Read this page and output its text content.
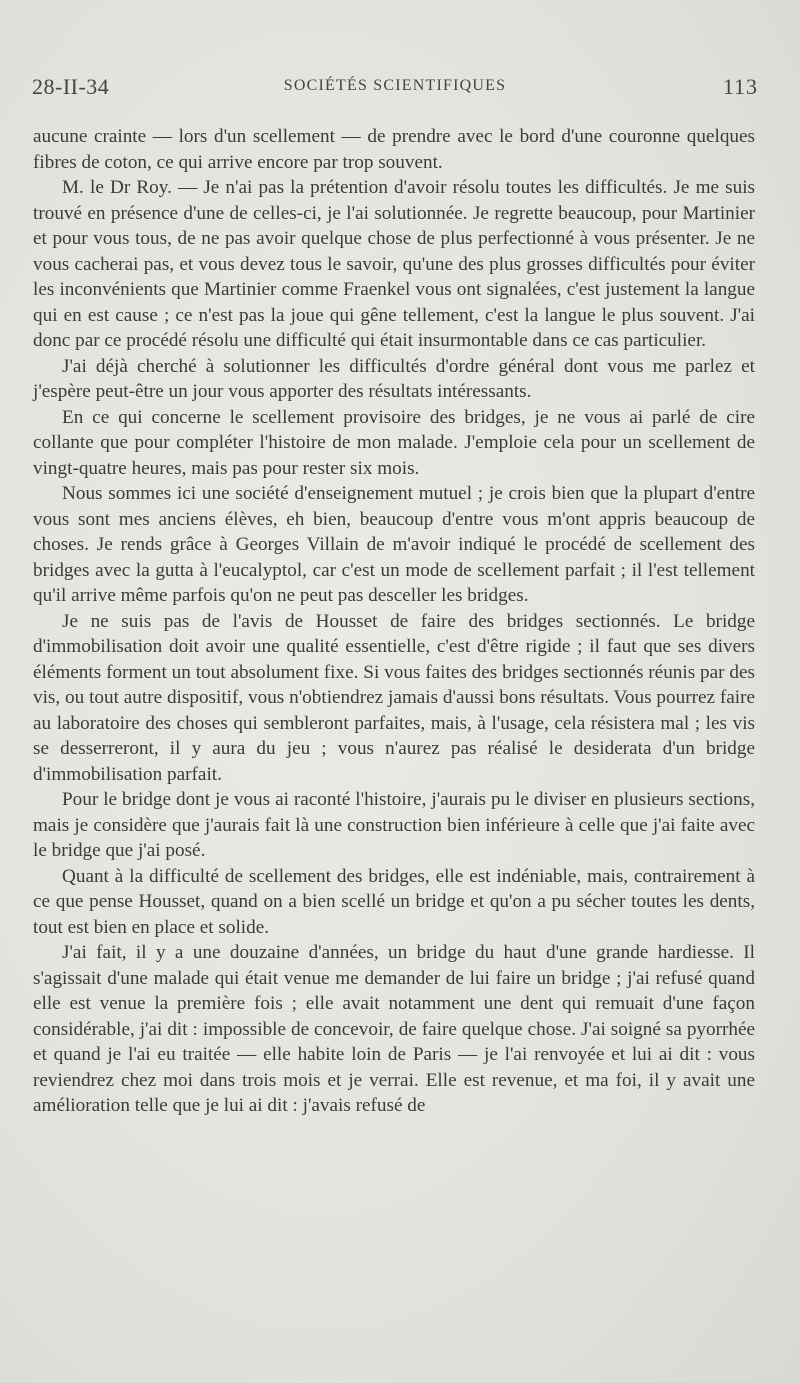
28-II-34	SOCIÉTÉS SCIENTIFIQUES	113

aucune crainte — lors d'un scellement — de prendre avec le bord d'une couronne quelques fibres de coton, ce qui arrive encore par trop souvent.

M. le Dr Roy. — Je n'ai pas la prétention d'avoir résolu toutes les difficultés. Je me suis trouvé en présence d'une de celles-ci, je l'ai solutionnée. Je regrette beaucoup, pour Martinier et pour vous tous, de ne pas avoir quelque chose de plus perfectionné à vous présenter. Je ne vous cacherai pas, et vous devez tous le savoir, qu'une des plus grosses difficultés pour éviter les inconvénients que Martinier comme Fraenkel vous ont signalées, c'est justement la langue qui en est cause ; ce n'est pas la joue qui gêne tellement, c'est la langue le plus souvent. J'ai donc par ce procédé résolu une difficulté qui était insurmontable dans ce cas particulier.

J'ai déjà cherché à solutionner les difficultés d'ordre général dont vous me parlez et j'espère peut-être un jour vous apporter des résultats intéressants.

En ce qui concerne le scellement provisoire des bridges, je ne vous ai parlé de cire collante que pour compléter l'histoire de mon malade. J'emploie cela pour un scellement de vingt-quatre heures, mais pas pour rester six mois.

Nous sommes ici une société d'enseignement mutuel ; je crois bien que la plupart d'entre vous sont mes anciens élèves, eh bien, beaucoup d'entre vous m'ont appris beaucoup de choses. Je rends grâce à Georges Villain de m'avoir indiqué le procédé de scellement des bridges avec la gutta à l'eucalyptol, car c'est un mode de scellement parfait ; il l'est tellement qu'il arrive même parfois qu'on ne peut pas desceller les bridges.

Je ne suis pas de l'avis de Housset de faire des bridges sectionnés. Le bridge d'immobilisation doit avoir une qualité essentielle, c'est d'être rigide ; il faut que ses divers éléments forment un tout absolument fixe. Si vous faites des bridges sectionnés réunis par des vis, ou tout autre dispositif, vous n'obtiendrez jamais d'aussi bons résultats. Vous pourrez faire au laboratoire des choses qui sembleront parfaites, mais, à l'usage, cela résistera mal ; les vis se desserreront, il y aura du jeu ; vous n'aurez pas réalisé le desiderata d'un bridge d'immobilisation parfait.

Pour le bridge dont je vous ai raconté l'histoire, j'aurais pu le diviser en plusieurs sections, mais je considère que j'aurais fait là une construction bien inférieure à celle que j'ai faite avec le bridge que j'ai posé.

Quant à la difficulté de scellement des bridges, elle est indéniable, mais, contrairement à ce que pense Housset, quand on a bien scellé un bridge et qu'on a pu sécher toutes les dents, tout est bien en place et solide.

J'ai fait, il y a une douzaine d'années, un bridge du haut d'une grande hardiesse. Il s'agissait d'une malade qui était venue me demander de lui faire un bridge ; j'ai refusé quand elle est venue la première fois ; elle avait notamment une dent qui remuait d'une façon considérable, j'ai dit : impossible de concevoir, de faire quelque chose. J'ai soigné sa pyorrhée et quand je l'ai eu traitée — elle habite loin de Paris — je l'ai renvoyée et lui ai dit : vous reviendrez chez moi dans trois mois et je verrai. Elle est revenue, et ma foi, il y avait une amélioration telle que je lui ai dit : j'avais refusé de
